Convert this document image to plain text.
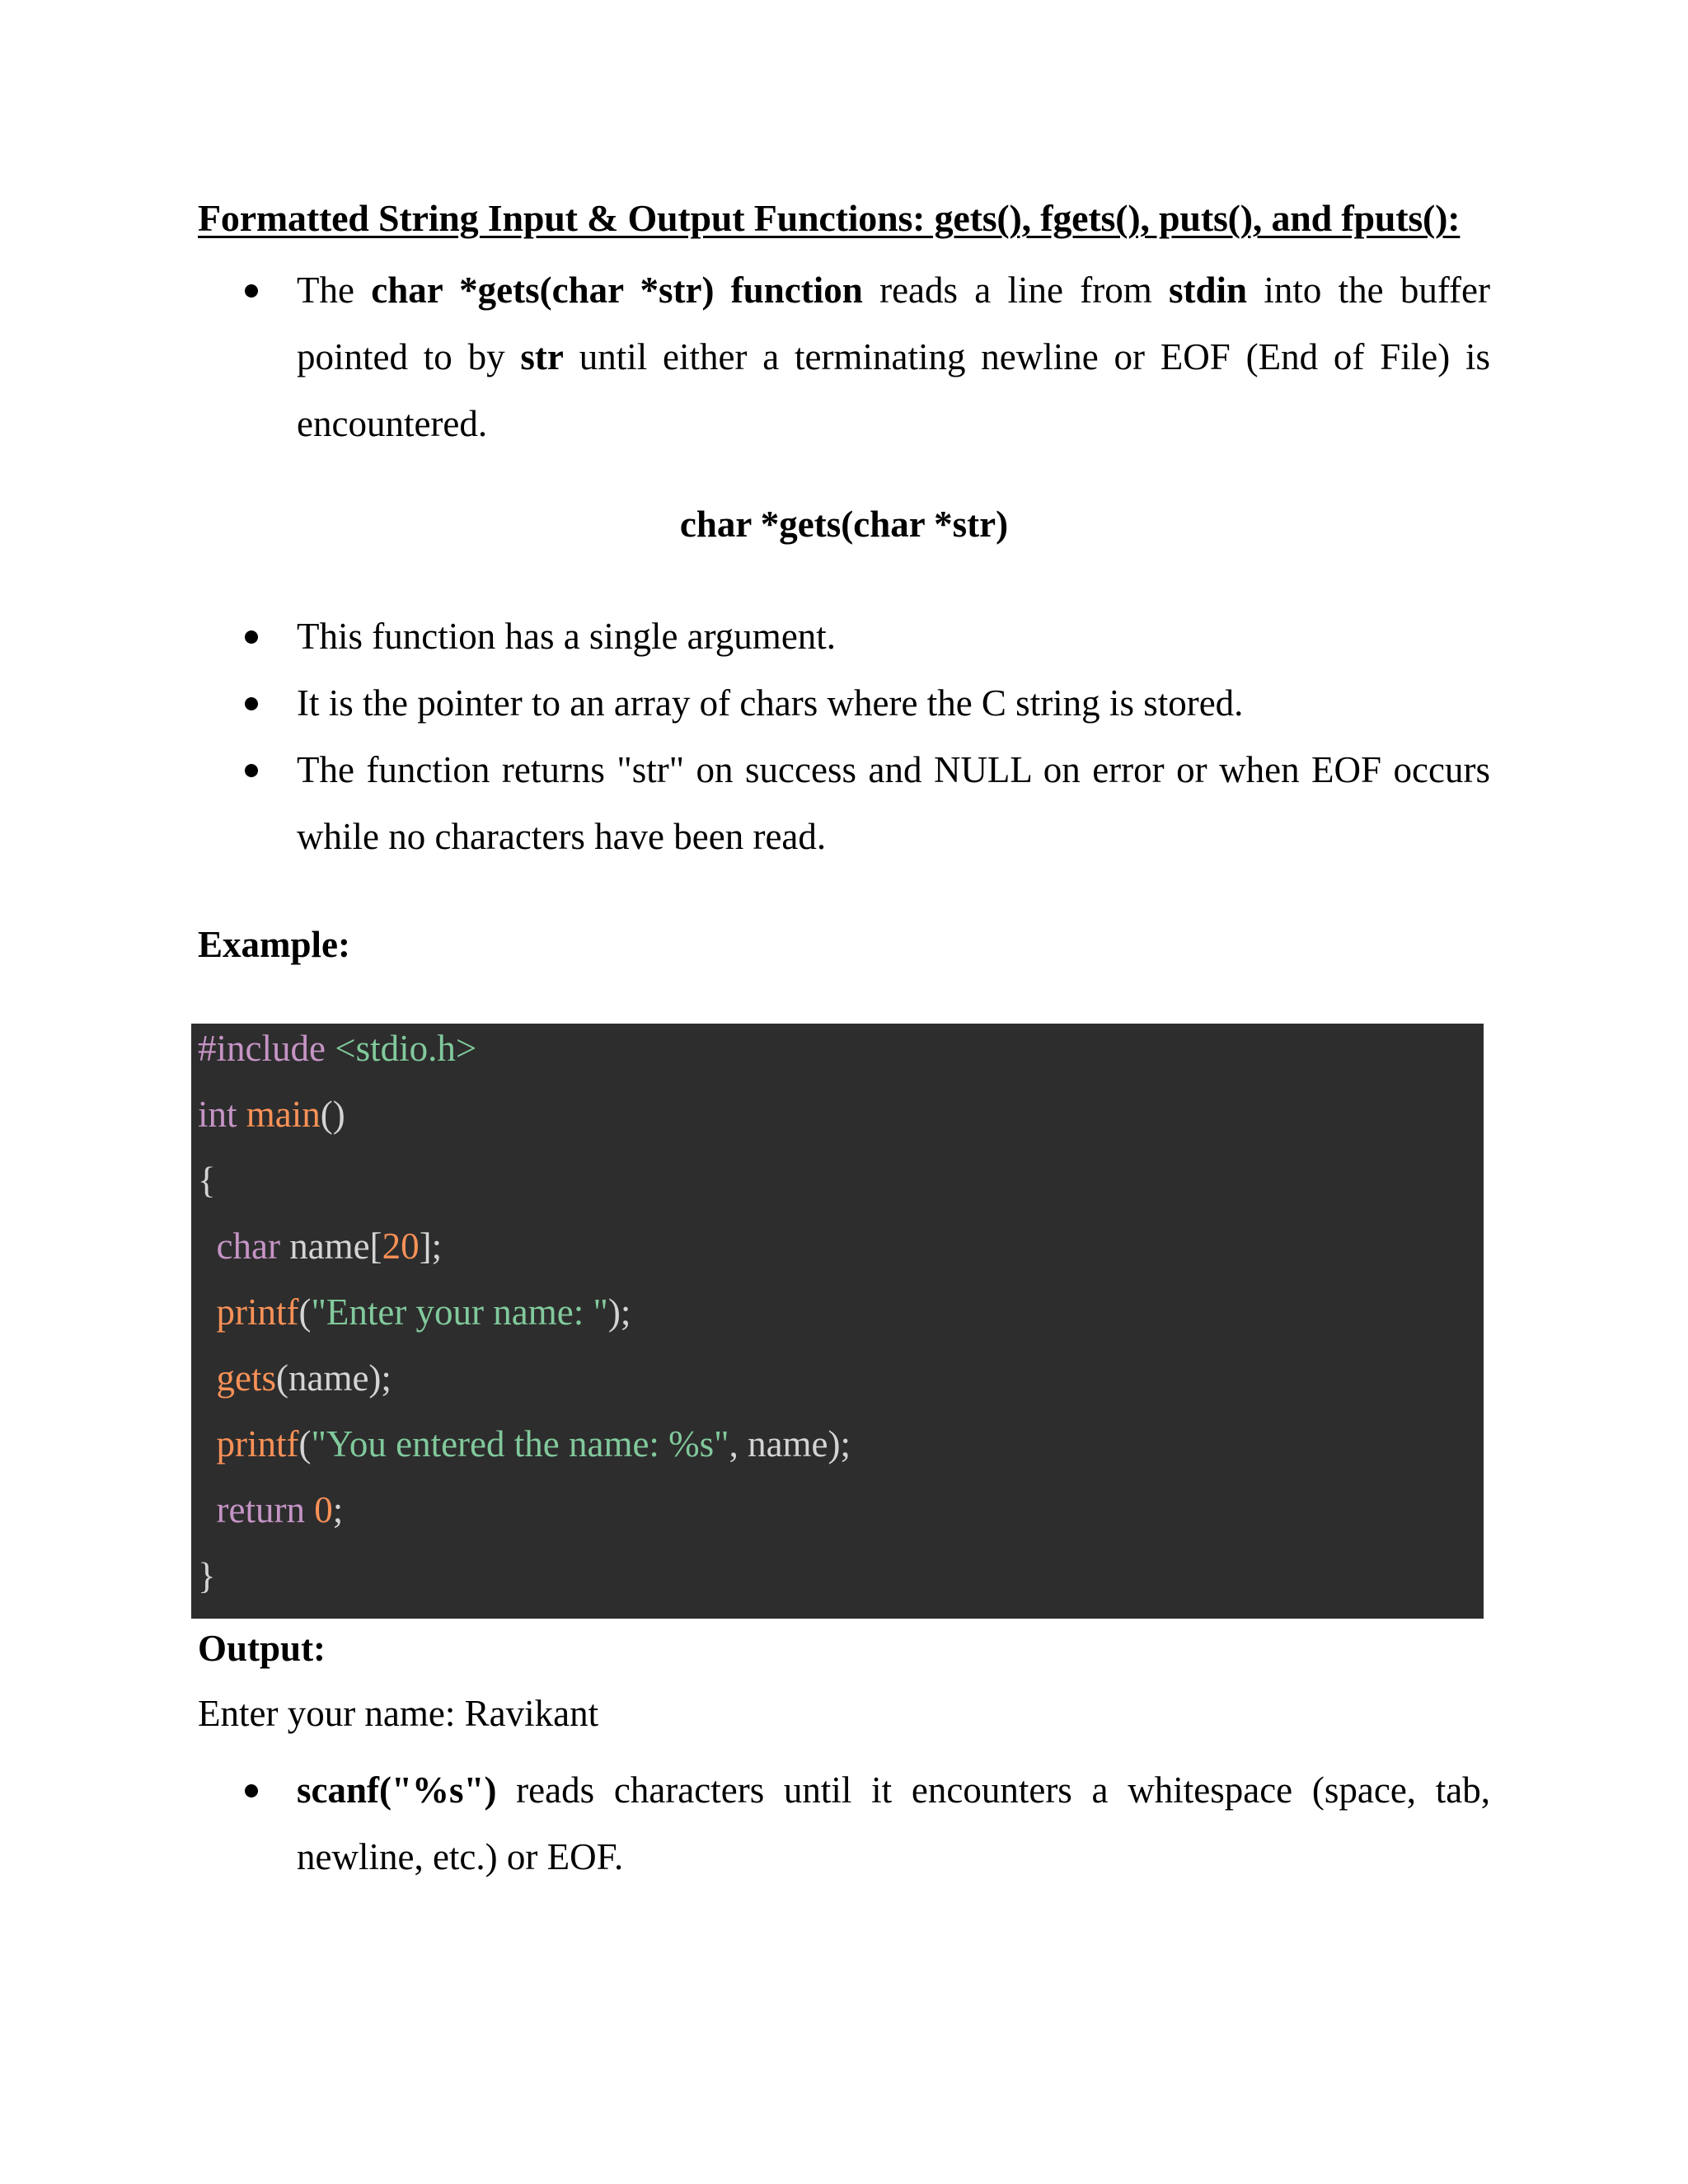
Formatted String Input & Output Functions: gets(), fgets(), puts(), and fputs():
The char *gets(char *str) function reads a line from stdin into the buffer pointed to by str until either a terminating newline or EOF (End of File) is encountered.
char *gets(char *str)
This function has a single argument.
It is the pointer to an array of chars where the C string is stored.
The function returns "str" on success and NULL on error or when EOF occurs while no characters have been read.
Example:
#include <stdio.h>
int main()
{
char name[20];
printf("Enter your name: ");
gets(name);
printf("You entered the name: %s", name);
return 0;
}
Output:
Enter your name: Ravikant
scanf("%s") reads characters until it encounters a whitespace (space, tab, newline, etc.) or EOF.
